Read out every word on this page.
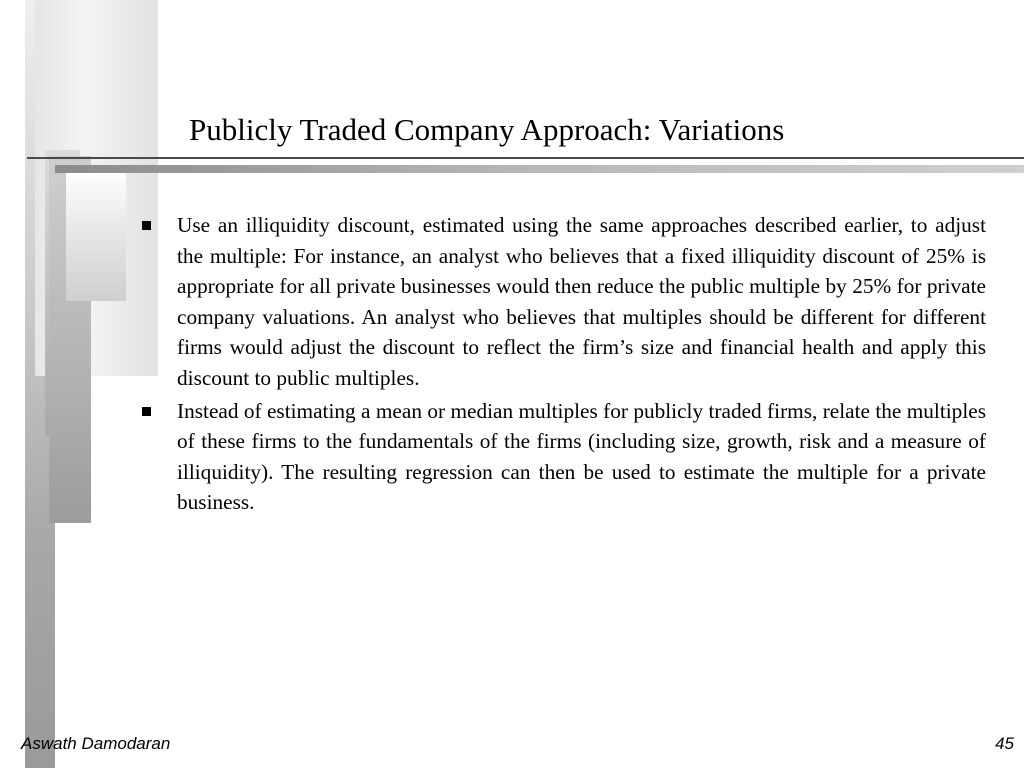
Publicly Traded Company Approach: Variations
Use an illiquidity discount, estimated using the same approaches described earlier, to adjust the multiple: For instance, an analyst who believes that a fixed illiquidity discount of 25% is appropriate for all private businesses would then reduce the public multiple by 25% for private company valuations. An analyst who believes that multiples should be different for different firms would adjust the discount to reflect the firm’s size and financial health and apply this discount to public multiples.
Instead of estimating a mean or median multiples for publicly traded firms, relate the multiples of these firms to the fundamentals of the firms (including size, growth, risk and a measure of illiquidity). The resulting regression can then be used to estimate the multiple for a private business.
Aswath Damodaran	45
